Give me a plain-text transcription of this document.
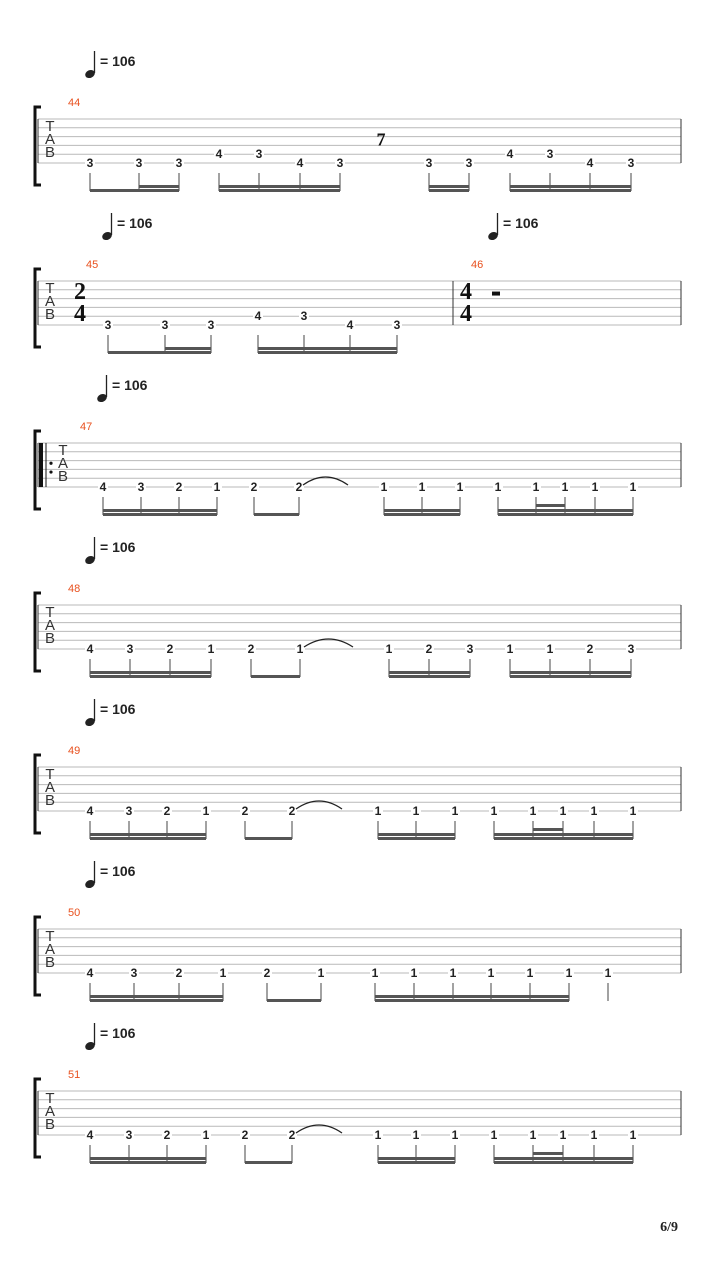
T
A
B
= 106
44
3	3	3
4	3
4	3
7
3	3
4	3
4	3
T
A
B
= 106
45
2
4 3	3	3
4	3
4	3
= 106
46
4
4
T
A
B
= 106
47
4	3	2	1	2	2	1	1	1	1	1 1 1	1
T
A
B
= 106
48
4	3	2	1	2	1	1	2	3	1	1	2	3
T
A
B
= 106
49
4	3	2	1	2	2	1	1	1	1	1 1 1	1
T
A
B
= 106
50
4	3	2	1	2	1	1	1	1	1	1	1	1
T
A
B
= 106
51
4	3	2	1	2	2	1	1	1	1	1 1 1	1
6/9
